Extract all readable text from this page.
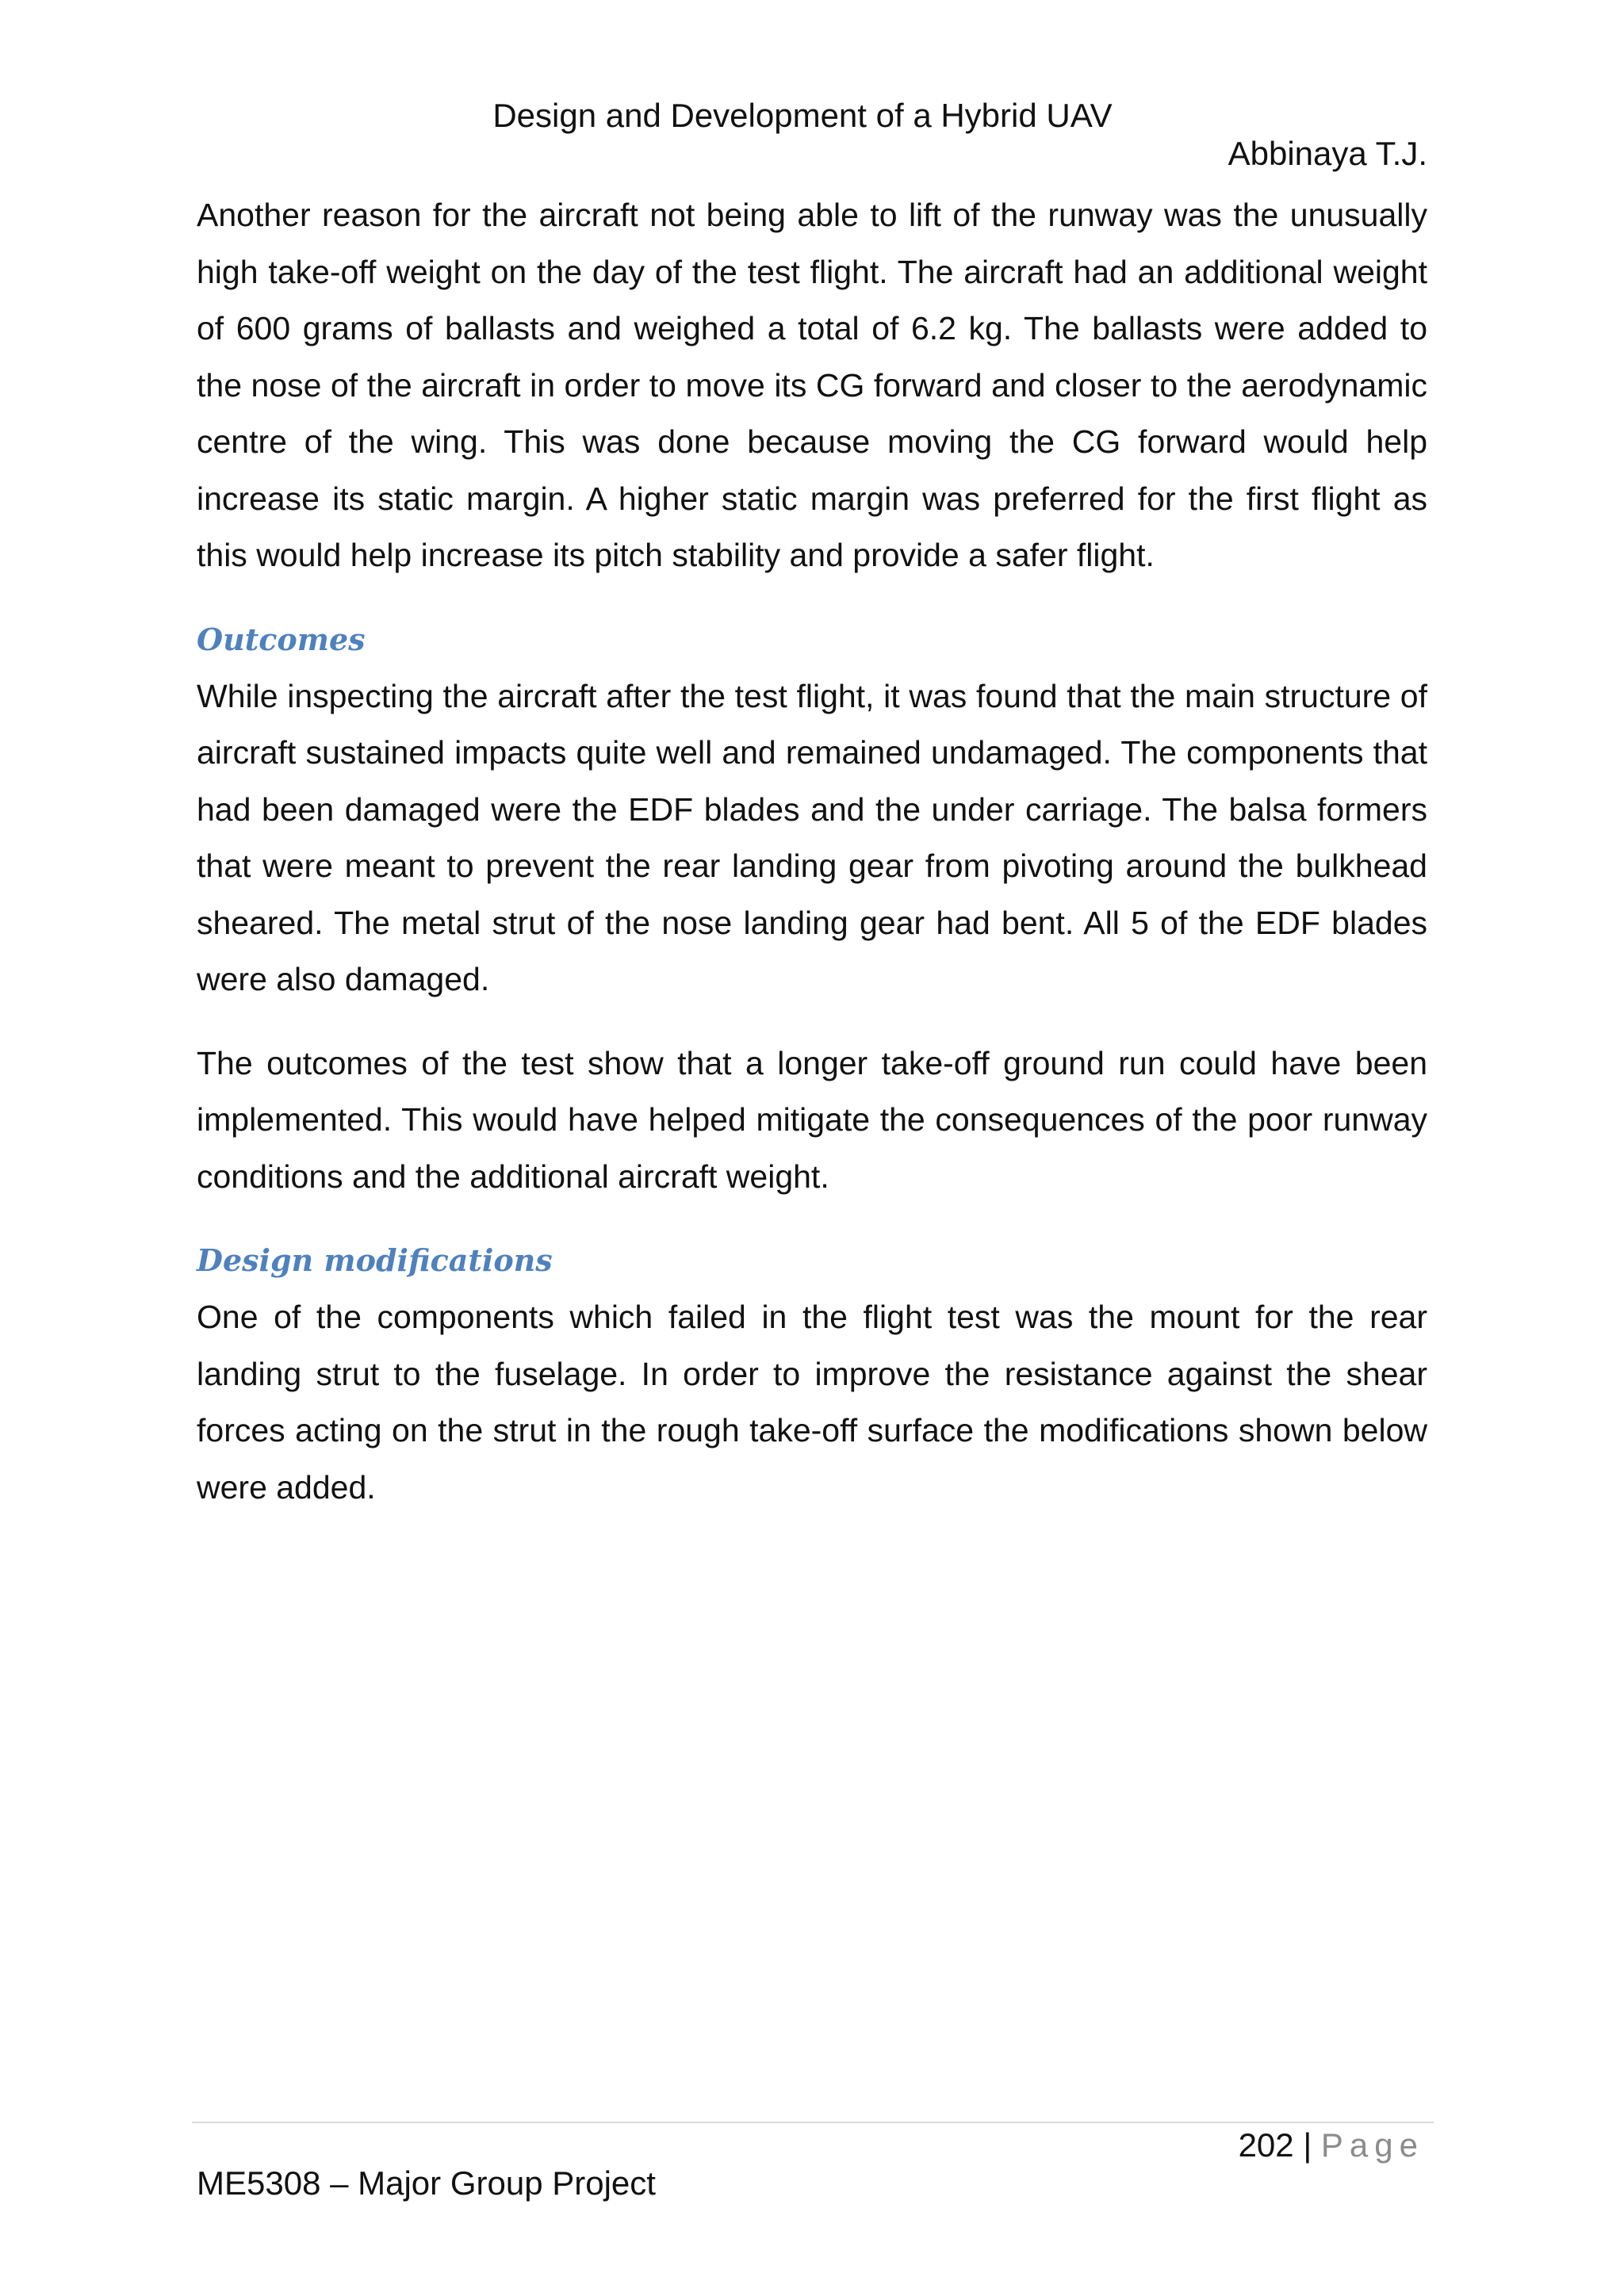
Design and Development of a Hybrid UAV
Abbinaya T.J.

Another reason for the aircraft not being able to lift of the runway was the unusually high take-off weight on the day of the test flight. The aircraft had an additional weight of 600 grams of ballasts and weighed a total of 6.2 kg. The ballasts were added to the nose of the aircraft in order to move its CG forward and closer to the aerodynamic centre of the wing. This was done because moving the CG forward would help increase its static margin. A higher static margin was preferred for the first flight as this would help increase its pitch stability and provide a safer flight.

Outcomes

While inspecting the aircraft after the test flight, it was found that the main structure of aircraft sustained impacts quite well and remained undamaged. The components that had been damaged were the EDF blades and the under carriage. The balsa formers that were meant to prevent the rear landing gear from pivoting around the bulkhead sheared. The metal strut of the nose landing gear had bent. All 5 of the EDF blades were also damaged.

The outcomes of the test show that a longer take-off ground run could have been implemented. This would have helped mitigate the consequences of the poor runway conditions and the additional aircraft weight.

Design modifications

One of the components which failed in the flight test was the mount for the rear landing strut to the fuselage. In order to improve the resistance against the shear forces acting on the strut in the rough take-off surface the modifications shown below were added.

202 | Page
ME5308 – Major Group Project
